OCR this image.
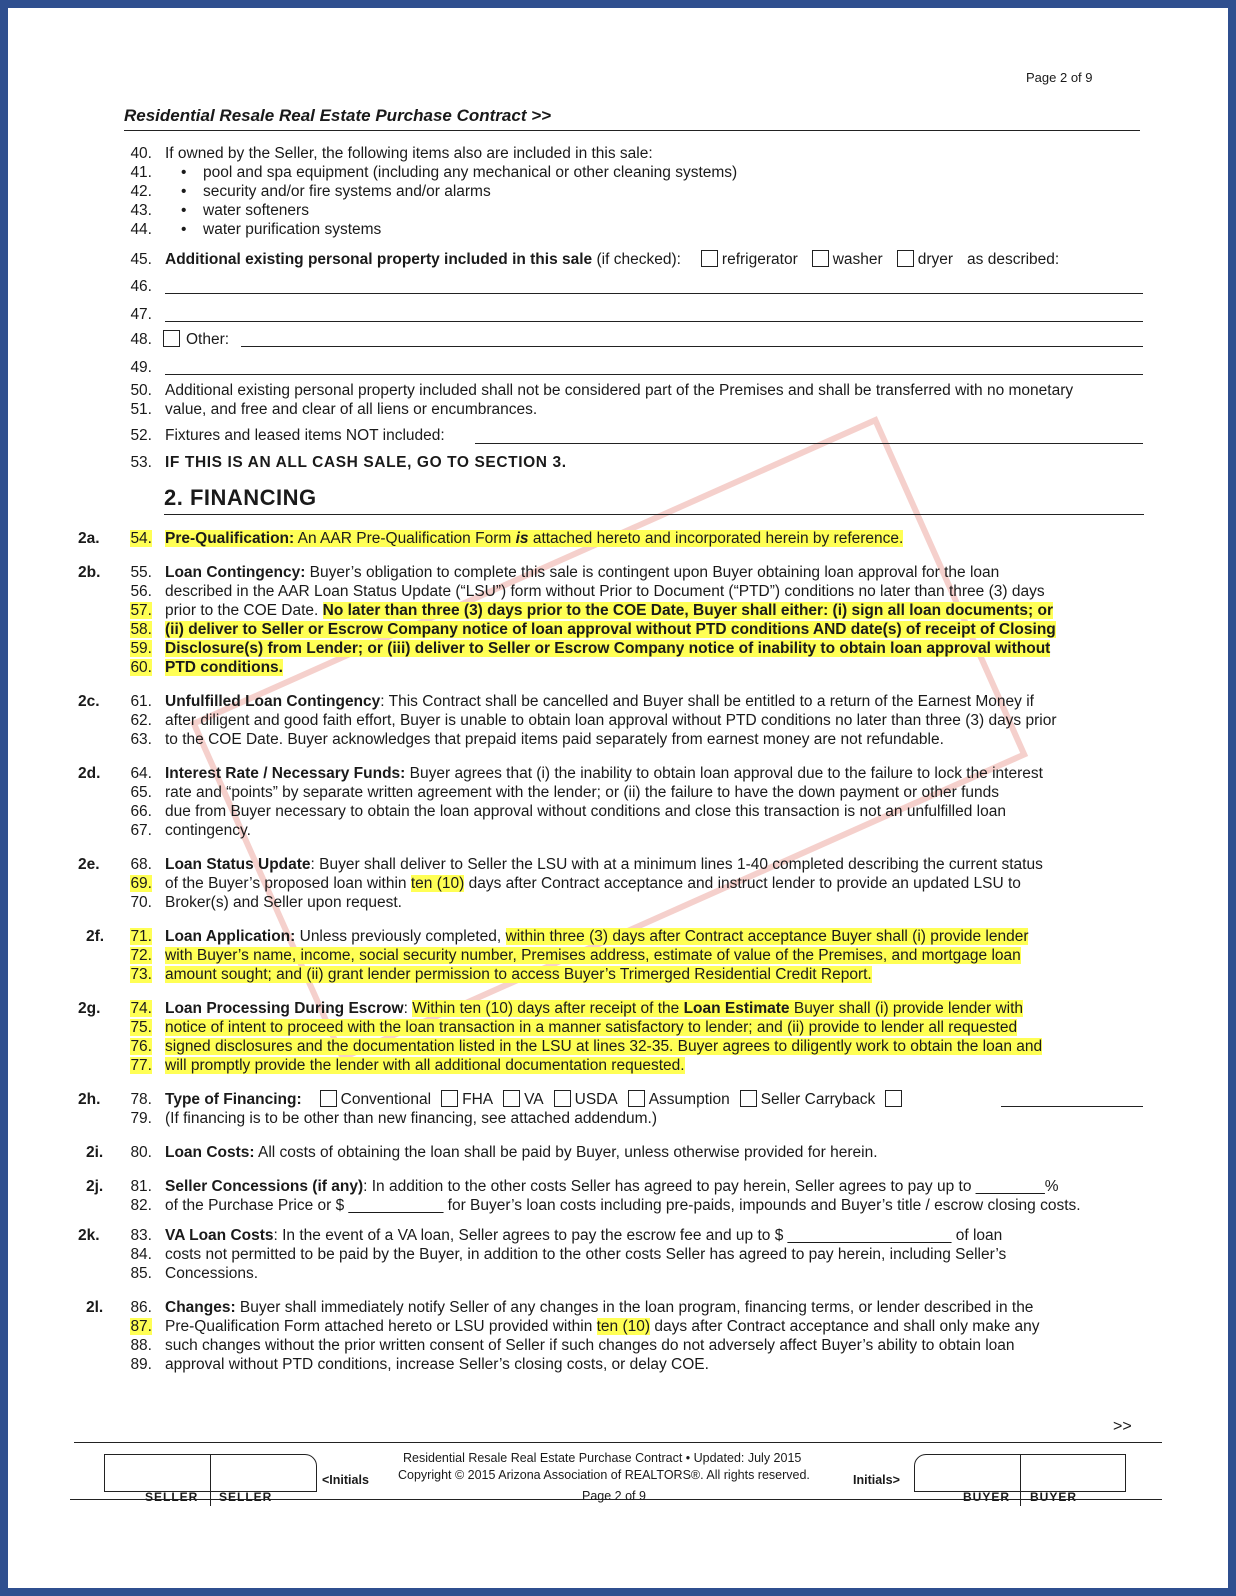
Page 2 of 9
Residential Resale Real Estate Purchase Contract >>
40. If owned by the Seller, the following items also are included in this sale:
41.	• pool and spa equipment (including any mechanical or other cleaning systems)
42.	• security and/or fire systems and/or alarms
43.	• water softeners
44.	• water purification systems
45. Additional existing personal property included in this sale (if checked):	refrigerator washer dryer as described:
46.
47.
48.	Other:
49.
50. Additional existing personal property included shall not be considered part of the Premises and shall be transferred with no monetary
51. value, and free and clear of all liens or encumbrances.
52. Fixtures and leased items NOT included:
53. IF THIS IS AN ALL CASH SALE, GO TO SECTION 3.
2. FINANCING
2a.	54. Pre-Qualification: An AAR Pre-Qualification Form is attached hereto and incorporated herein by reference.
2b.	55. Loan Contingency: Buyer’s obligation to complete this sale is contingent upon Buyer obtaining loan approval for the loan
56. described in the AAR Loan Status Update (“LSU”) form without Prior to Document (“PTD”) conditions no later than three (3) days
57. prior to the COE Date. No later than three (3) days prior to the COE Date, Buyer shall either: (i) sign all loan documents; or
58. (ii) deliver to Seller or Escrow Company notice of loan approval without PTD conditions AND date(s) of receipt of Closing
59. Disclosure(s) from Lender; or (iii) deliver to Seller or Escrow Company notice of inability to obtain loan approval without
60. PTD conditions.
2c.	61. Unfulfilled Loan Contingency: This Contract shall be cancelled and Buyer shall be entitled to a return of the Earnest Money if
62. after diligent and good faith effort, Buyer is unable to obtain loan approval without PTD conditions no later than three (3) days prior
63. to the COE Date. Buyer acknowledges that prepaid items paid separately from earnest money are not refundable.
2d.	64. Interest Rate / Necessary Funds: Buyer agrees that (i) the inability to obtain loan approval due to the failure to lock the interest
65. rate and “points” by separate written agreement with the lender; or (ii) the failure to have the down payment or other funds
66. due from Buyer necessary to obtain the loan approval without conditions and close this transaction is not an unfulfilled loan
67. contingency.
2e.	68. Loan Status Update: Buyer shall deliver to Seller the LSU with at a minimum lines 1-40 completed describing the current status
69. of the Buyer’s proposed loan within ten (10) days after Contract acceptance and instruct lender to provide an updated LSU to
70. Broker(s) and Seller upon request.
2f.	71. Loan Application: Unless previously completed, within three (3) days after Contract acceptance Buyer shall (i) provide lender
72. with Buyer’s name, income, social security number, Premises address, estimate of value of the Premises, and mortgage loan
73. amount sought; and (ii) grant lender permission to access Buyer’s Trimerged Residential Credit Report.
2g.	74. Loan Processing During Escrow: Within ten (10) days after receipt of the Loan Estimate Buyer shall (i) provide lender with
75. notice of intent to proceed with the loan transaction in a manner satisfactory to lender; and (ii) provide to lender all requested
76. signed disclosures and the documentation listed in the LSU at lines 32-35. Buyer agrees to diligently work to obtain the loan and
77. will promptly provide the lender with all additional documentation requested.
2h.	78. Type of Financing:	Conventional FHA VA USDA Assumption Seller Carryback
79. (If financing is to be other than new financing, see attached addendum.)
2i.	80. Loan Costs: All costs of obtaining the loan shall be paid by Buyer, unless otherwise provided for herein.
2j.	81. Seller Concessions (if any): In addition to the other costs Seller has agreed to pay herein, Seller agrees to pay up to ________%
82. of the Purchase Price or $ ___________ for Buyer’s loan costs including pre-paids, impounds and Buyer’s title / escrow closing costs.
2k.	83. VA Loan Costs: In the event of a VA loan, Seller agrees to pay the escrow fee and up to $ ___________________ of loan
84. costs not permitted to be paid by the Buyer, in addition to the other costs Seller has agreed to pay herein, including Seller’s
85. Concessions.
2l.	86. Changes: Buyer shall immediately notify Seller of any changes in the loan program, financing terms, or lender described in the
87. Pre-Qualification Form attached hereto or LSU provided within ten (10) days after Contract acceptance and shall only make any
88. such changes without the prior written consent of Seller if such changes do not adversely affect Buyer’s ability to obtain loan
89. approval without PTD conditions, increase Seller’s closing costs, or delay COE.
>>
SELLER SELLER
<Initials
Residential Resale Real Estate Purchase Contract • Updated: July 2015
Copyright © 2015 Arizona Association of REALTORS®. All rights reserved.
Page 2 of 9
Initials>
BUYER BUYER
